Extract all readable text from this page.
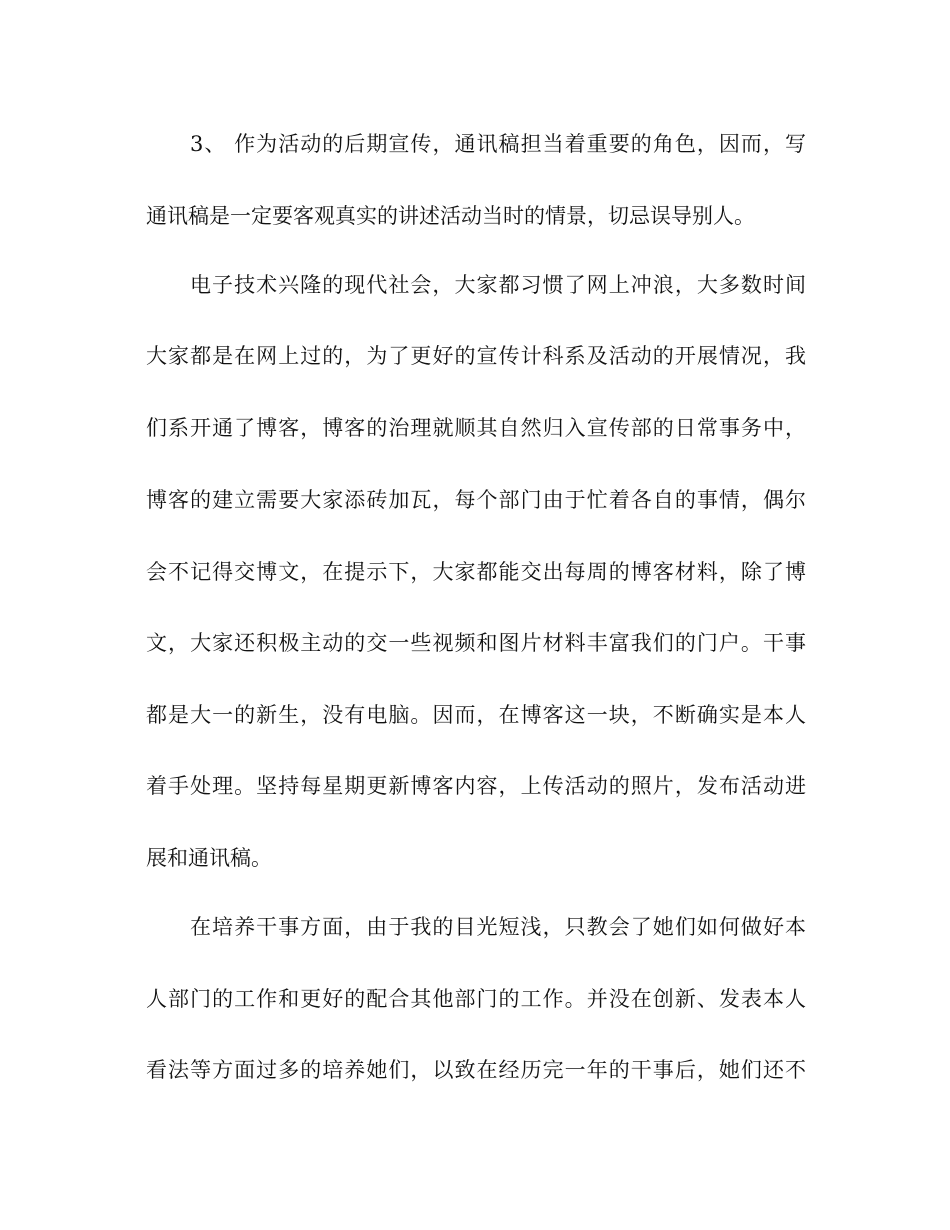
3、 作为活动的后期宣传，通讯稿担当着重要的角色，因而，写
通讯稿是一定要客观真实的讲述活动当时的情景，切忌误导别人。
电子技术兴隆的现代社会，大家都习惯了网上冲浪，大多数时间
大家都是在网上过的，为了更好的宣传计科系及活动的开展情况，我
们系开通了博客，博客的治理就顺其自然归入宣传部的日常事务中，
博客的建立需要大家添砖加瓦，每个部门由于忙着各自的事情，偶尔
会不记得交博文，在提示下，大家都能交出每周的博客材料，除了博
文，大家还积极主动的交一些视频和图片材料丰富我们的门户。干事
都是大一的新生，没有电脑。因而，在博客这一块，不断确实是本人
着手处理。坚持每星期更新博客内容，上传活动的照片，发布活动进
展和通讯稿。
在培养干事方面，由于我的目光短浅，只教会了她们如何做好本
人部门的工作和更好的配合其他部门的工作。并没在创新、发表本人
看法等方面过多的培养她们，以致在经历完一年的干事后，她们还不
